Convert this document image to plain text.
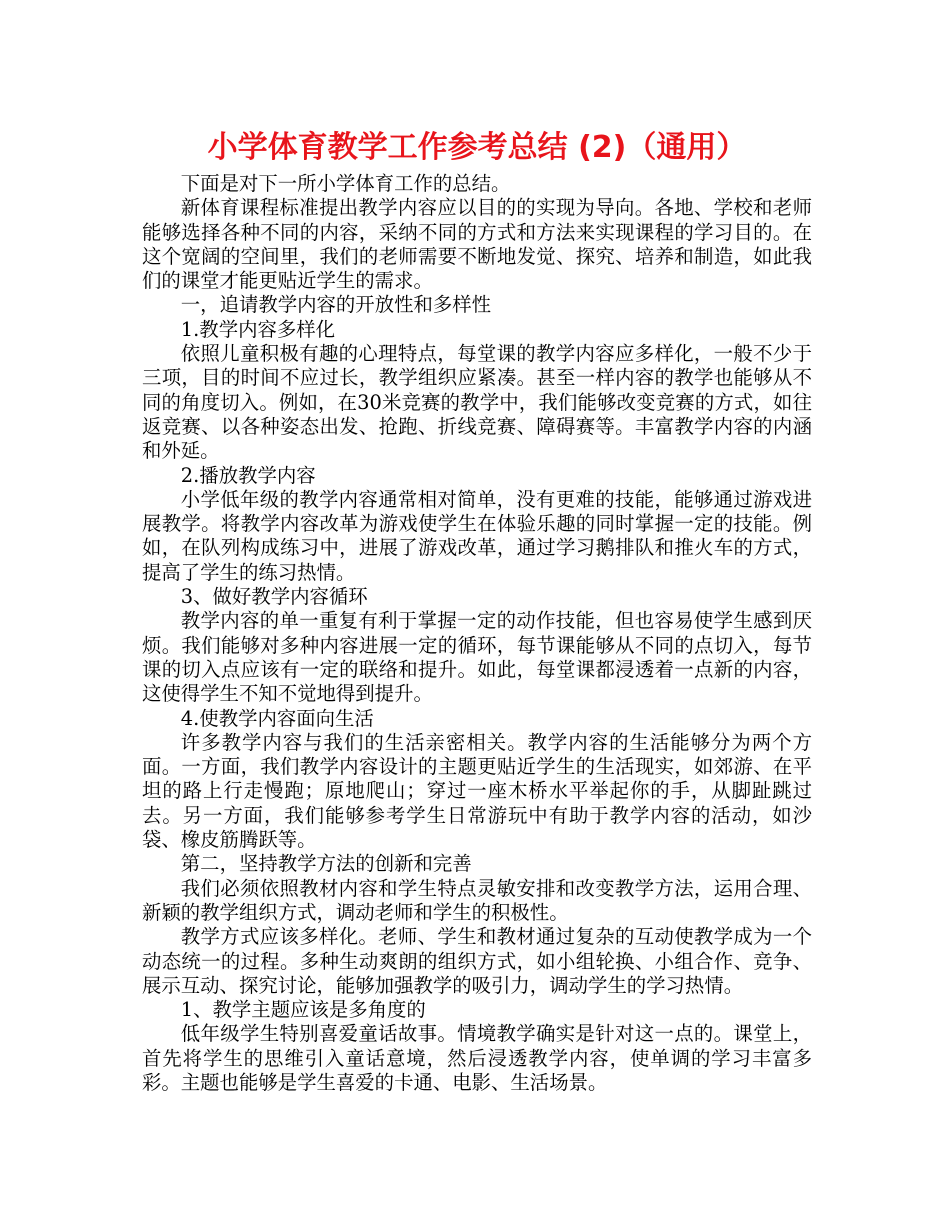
小学体育教学工作参考总结 (2)（通用）

下面是对下一所小学体育工作的总结。

新体育课程标准提出教学内容应以目的的实现为导向。各地、学校和老师能够选择各种不同的内容，采纳不同的方式和方法来实现课程的学习目的。在这个宽阔的空间里，我们的老师需要不断地发觉、探究、培养和制造，如此我们的课堂才能更贴近学生的需求。

一，追请教学内容的开放性和多样性

1.教学内容多样化

依照儿童积极有趣的心理特点，每堂课的教学内容应多样化，一般不少于三项，目的时间不应过长，教学组织应紧凑。甚至一样内容的教学也能够从不同的角度切入。例如，在30米竞赛的教学中，我们能够改变竞赛的方式，如往返竞赛、以各种姿态出发、抢跑、折线竞赛、障碍赛等。丰富教学内容的内涵和外延。

2.播放教学内容

小学低年级的教学内容通常相对简单，没有更难的技能，能够通过游戏进展教学。将教学内容改革为游戏使学生在体验乐趣的同时掌握一定的技能。例如，在队列构成练习中，进展了游戏改革，通过学习鹅排队和推火车的方式，提高了学生的练习热情。

3、做好教学内容循环

教学内容的单一重复有利于掌握一定的动作技能，但也容易使学生感到厌烦。我们能够对多种内容进展一定的循环，每节课能够从不同的点切入，每节课的切入点应该有一定的联络和提升。如此，每堂课都浸透着一点新的内容，这使得学生不知不觉地得到提升。

4.使教学内容面向生活

许多教学内容与我们的生活亲密相关。教学内容的生活能够分为两个方面。一方面，我们教学内容设计的主题更贴近学生的生活现实，如郊游、在平坦的路上行走慢跑；原地爬山；穿过一座木桥水平举起你的手，从脚趾跳过去。另一方面，我们能够参考学生日常游玩中有助于教学内容的活动，如沙袋、橡皮筋腾跃等。

第二，坚持教学方法的创新和完善

我们必须依照教材内容和学生特点灵敏安排和改变教学方法，运用合理、新颖的教学组织方式，调动老师和学生的积极性。

教学方式应该多样化。老师、学生和教材通过复杂的互动使教学成为一个动态统一的过程。多种生动爽朗的组织方式，如小组轮换、小组合作、竞争、展示互动、探究讨论，能够加强教学的吸引力，调动学生的学习热情。

1、教学主题应该是多角度的

低年级学生特别喜爱童话故事。情境教学确实是针对这一点的。课堂上，首先将学生的思维引入童话意境，然后浸透教学内容，使单调的学习丰富多彩。主题也能够是学生喜爱的卡通、电影、生活场景。
